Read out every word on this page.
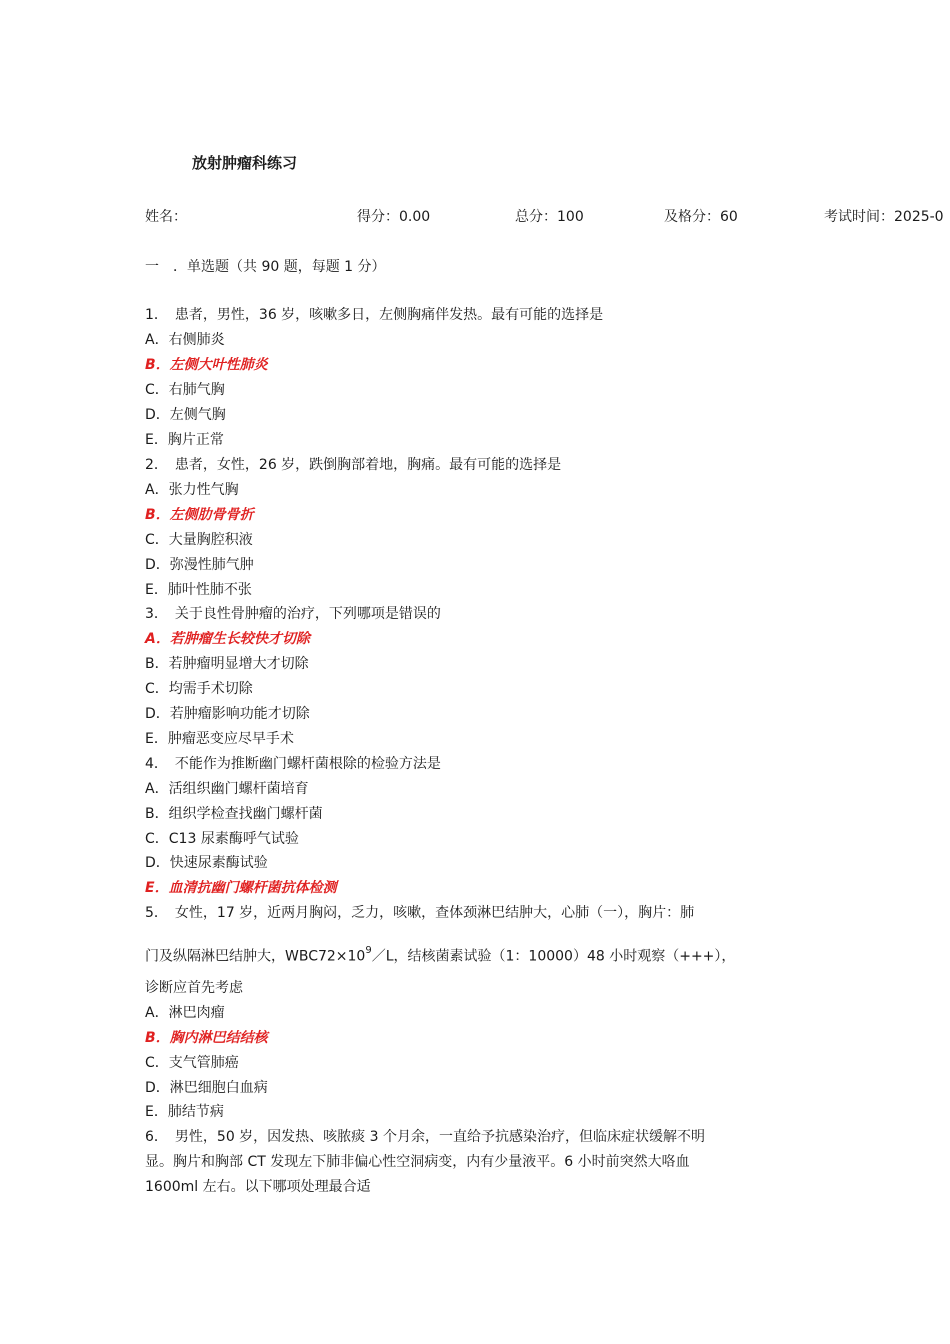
放射肿瘤科练习
姓名：	得分：0.00	总分：100	及格分：60	考试时间：2025-0
一　．单选题（共 90 题，每题 1 分）
1．　患者，男性，36 岁，咳嗽多日，左侧胸痛伴发热。最有可能的选择是
A．右侧肺炎
B．左侧大叶性肺炎
C．右肺气胸
D．左侧气胸
E．胸片正常
2．　患者，女性，26 岁，跌倒胸部着地，胸痛。最有可能的选择是
A．张力性气胸
B．左侧肋骨骨折
C．大量胸腔积液
D．弥漫性肺气肿
E．肺叶性肺不张
3．　关于良性骨肿瘤的治疗，下列哪项是错误的
A．若肿瘤生长较快才切除
B．若肿瘤明显增大才切除
C．均需手术切除
D．若肿瘤影响功能才切除
E．肿瘤恶变应尽早手术
4．　不能作为推断幽门螺杆菌根除的检验方法是
A．活组织幽门螺杆菌培育
B．组织学检查找幽门螺杆菌
C．C13 尿素酶呼气试验
D．快速尿素酶试验
E．血清抗幽门螺杆菌抗体检测
5．　女性，17 岁，近两月胸闷，乏力，咳嗽，查体颈淋巴结肿大，心肺（一），胸片：肺
门及纵隔淋巴结肿大，$WBC72\times 10^9/L$，结核菌素试验（1：10000）48 小时观察（+++），
诊断应首先考虑
A．淋巴肉瘤
B．胸内淋巴结结核
C．支气管肺癌
D．淋巴细胞白血病
E．肺结节病
6．　男性，50 岁，因发热、咳脓痰 3 个月余，一直给予抗感染治疗，但临床症状缓解不明
显。胸片和胸部 CT 发现左下肺非偏心性空洞病变，内有少量液平。6 小时前突然大咯血
1600ml 左右。以下哪项处理最合适
